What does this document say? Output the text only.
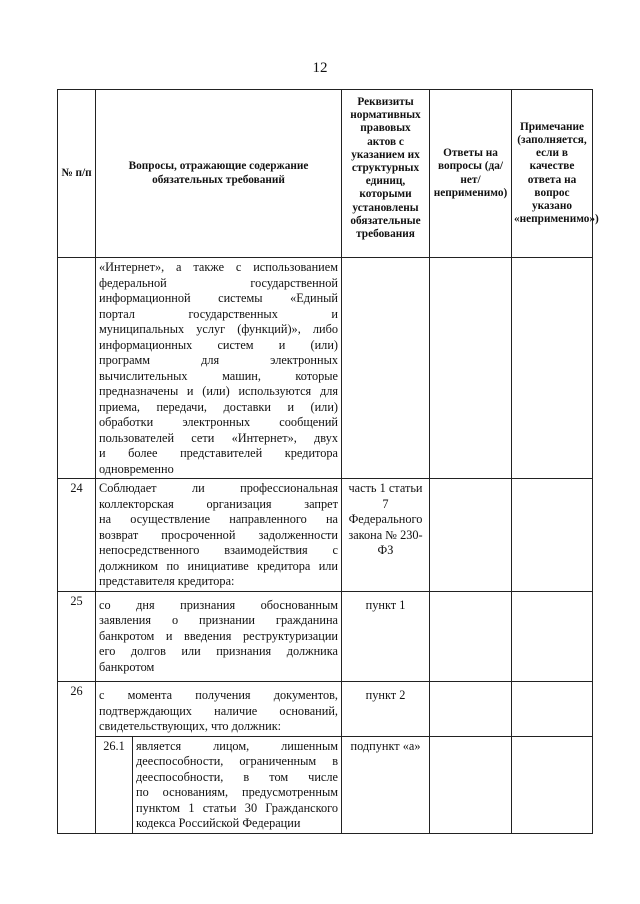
12
№ п/п	Вопросы, отражающие содержание обязательных требований	Реквизиты нормативных правовых актов с указанием их структурных единиц, которыми установлены обязательные требования	Ответы на вопросы (да/нет/ неприменимо)	Примечание (заполняется, если в качестве ответа на вопрос указано «неприменимо»)

«Интернет», а также с использованием
федеральной государственной
информационной системы «Единый
портал государственных и
муниципальных услуг (функций)», либо
информационных систем и (или)
программ для электронных
вычислительных машин, которые
предназначены и (или) используются для
приема, передачи, доставки и (или)
обработки электронных сообщений
пользователей сети «Интернет», двух
и более представителей кредитора
одновременно

24	Соблюдает ли профессиональная
коллекторская организация запрет
на осуществление направленного на
возврат просроченной задолженности
непосредственного взаимодействия с
должником по инициативе кредитора или
представителя кредитора:
	часть 1 статьи 7 Федерального закона № 230-ФЗ		
25	со дня признания обоснованным
заявления о признании гражданина
банкротом и введения реструктуризации
его долгов или признания должника
банкротом
	пункт 1		
26	с момента получения документов,
подтверждающих наличие оснований,
свидетельствующих, что должник:
	пункт 2		

26.1	является лицом, лишенным
дееспособности, ограниченным в
дееспособности, в том числе
по основаниям, предусмотренным
пунктом 1 статьи 30 Гражданского
кодекса Российской Федерации
	подпункт «а»		
